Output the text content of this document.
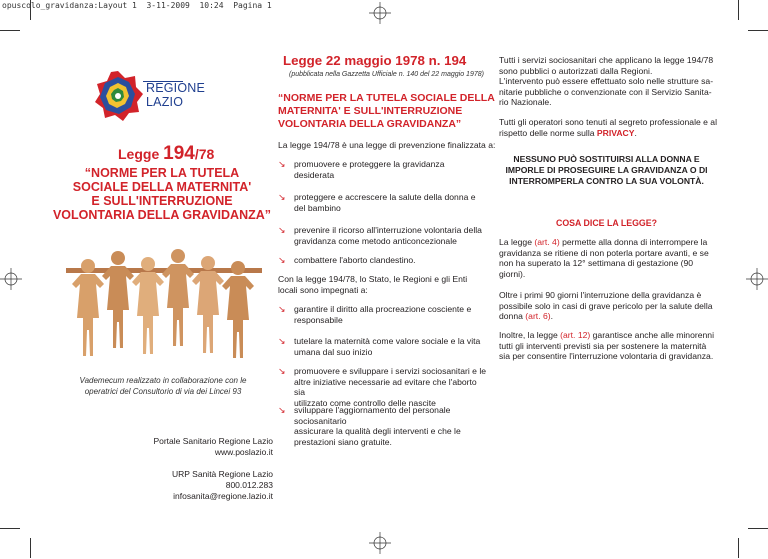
opuscolo_gravidanza:Layout 1  3-11-2009  10:24  Pagina 1
REGIONE
LAZIO
Legge 194/78
“NORME PER LA TUTELA
SOCIALE DELLA MATERNITA'
E SULL'INTERRUZIONE
VOLONTARIA DELLA GRAVIDANZA”
Vademecum realizzato in collaborazione con le
operatrici del Consultorio di via dei Lincei 93
Portale Sanitario Regione Lazio
www.poslazio.it
URP Sanità Regione Lazio
800.012.283
infosanita@regione.lazio.it
Legge 22 maggio 1978 n. 194
(pubblicata nella Gazzetta Ufficiale n. 140 del 22 maggio 1978)
“NORME PER LA TUTELA SOCIALE DELLA
MATERNITA' E SULL'INTERRUZIONE
VOLONTARIA DELLA GRAVIDANZA”
La legge 194/78 è una legge di prevenzione finalizzata a:
↘ promuovere e proteggere la gravidanza
desiderata
↘ proteggere e accrescere la salute della donna e
del bambino
↘ prevenire il ricorso all'interruzione volontaria della
gravidanza come metodo anticoncezionale
↘ combattere l'aborto clandestino.
Con la legge 194/78, lo Stato, le Regioni e gli Enti
locali sono impegnati a:
↘ garantire il diritto alla procreazione cosciente e
responsabile
↘ tutelare la maternità come valore sociale e la vita
umana dal suo inizio
↘ promuovere e sviluppare i servizi sociosanitari e le
altre iniziative necessarie ad evitare che l'aborto sia
utilizzato come controllo delle nascite
↘ sviluppare l'aggiornamento del personale
sociosanitario
assicurare la qualità degli interventi e che le
prestazioni siano gratuite.
Tutti i servizi sociosanitari che applicano la legge 194/78
sono pubblici o autorizzati dalla Regioni.
L'intervento può essere effettuato solo nelle strutture sa-
nitarie pubbliche o convenzionate con il Servizio Sanita-
rio Nazionale.
Tutti gli operatori sono tenuti al segreto professionale e al
rispetto delle norme sulla PRIVACY.
NESSUNO PUÒ SOSTITUIRSI ALLA DONNA E
IMPORLE DI PROSEGUIRE LA GRAVIDANZA O DI
INTERROMPERLA CONTRO LA SUA VOLONTÀ.
COSA DICE LA LEGGE?
La legge (art. 4) permette alla donna di interrompere la
gravidanza se ritiene di non poterla portare avanti, e se
non ha superato la 12° settimana di gestazione (90
giorni).
Oltre i primi 90 giorni l'interruzione della gravidanza è
possibile solo in casi di grave pericolo per la salute della
donna (art. 6).
Inoltre, la legge (art. 12) garantisce anche alle minorenni
tutti gli interventi previsti sia per sostenere la maternità
sia per consentire l'interruzione volontaria di gravidanza.
